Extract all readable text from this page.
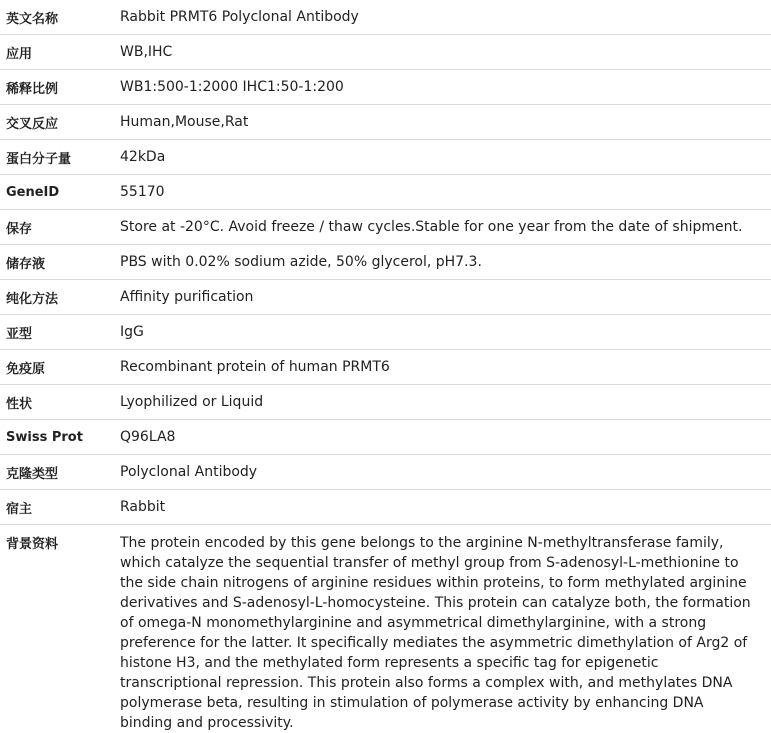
英文名称	Rabbit PRMT6 Polyclonal Antibody
应用	WB,IHC
稀释比例	WB1:500-1:2000 IHC1:50-1:200
交叉反应	Human,Mouse,Rat
蛋白分子量	42kDa
GeneID	55170
保存	Store at -20°C. Avoid freeze / thaw cycles.Stable for one year from the date of shipment.
储存液	PBS with 0.02% sodium azide, 50% glycerol, pH7.3.
纯化方法	Affinity purification
亚型	IgG
免疫原	Recombinant protein of human PRMT6
性状	Lyophilized or Liquid
Swiss Prot	Q96LA8
克隆类型	Polyclonal Antibody
宿主	Rabbit
背景资料	The protein encoded by this gene belongs to the arginine N-methyltransferase family, which catalyze the sequential transfer of methyl group from S-adenosyl-L-methionine to the side chain nitrogens of arginine residues within proteins, to form methylated arginine derivatives and S-adenosyl-L-homocysteine. This protein can catalyze both, the formation of omega-N monomethylarginine and asymmetrical dimethylarginine, with a strong preference for the latter. It specifically mediates the asymmetric dimethylation of Arg2 of histone H3, and the methylated form represents a specific tag for epigenetic transcriptional repression. This protein also forms a complex with, and methylates DNA polymerase beta, resulting in stimulation of polymerase activity by enhancing DNA binding and processivity.
